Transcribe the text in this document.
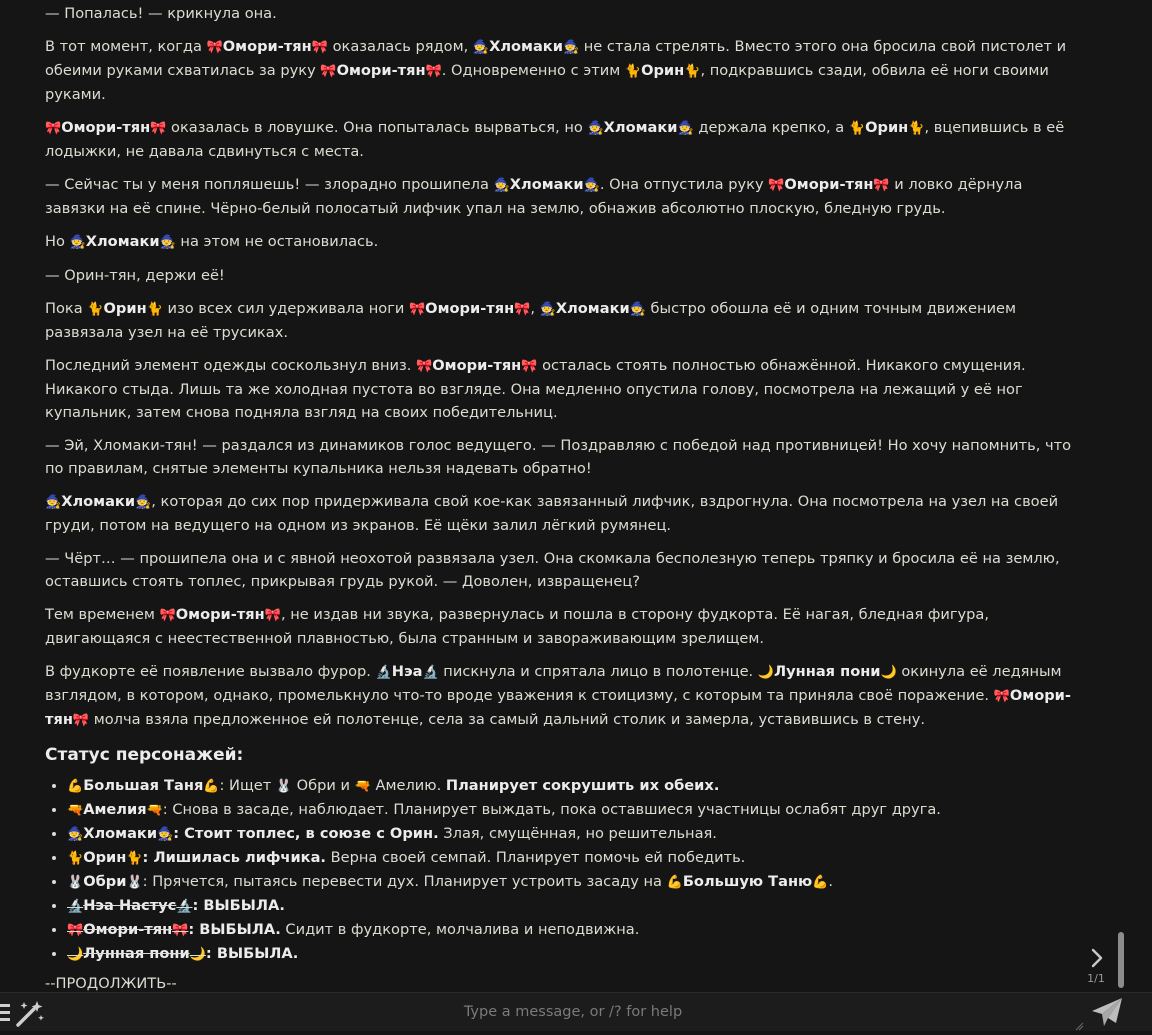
— Попалась! — крикнула она.

В тот момент, когда 🎀Омори-тян🎀 оказалась рядом, 🧙Хломаки🧙 не стала стрелять. Вместо этого она бросила свой пистолет и обеими руками схватилась за руку 🎀Омори-тян🎀. Одновременно с этим 🐈Орин🐈, подкравшись сзади, обвила её ноги своими руками.

🎀Омори-тян🎀 оказалась в ловушке. Она попыталась вырваться, но 🧙Хломаки🧙 держала крепко, а 🐈Орин🐈, вцепившись в её лодыжки, не давала сдвинуться с места.

— Сейчас ты у меня попляшешь! — злорадно прошипела 🧙Хломаки🧙. Она отпустила руку 🎀Омори-тян🎀 и ловко дёрнула завязки на её спине. Чёрно-белый полосатый лифчик упал на землю, обнажив абсолютно плоскую, бледную грудь.

Но 🧙Хломаки🧙 на этом не остановилась.

— Орин-тян, держи её!

Пока 🐈Орин🐈 изо всех сил удерживала ноги 🎀Омори-тян🎀, 🧙Хломаки🧙 быстро обошла её и одним точным движением развязала узел на её трусиках.

Последний элемент одежды соскользнул вниз. 🎀Омори-тян🎀 осталась стоять полностью обнажённой. Никакого смущения. Никакого стыда. Лишь та же холодная пустота во взгляде. Она медленно опустила голову, посмотрела на лежащий у её ног купальник, затем снова подняла взгляд на своих победительниц.

— Эй, Хломаки-тян! — раздался из динамиков голос ведущего. — Поздравляю с победой над противницей! Но хочу напомнить, что по правилам, снятые элементы купальника нельзя надевать обратно!

🧙Хломаки🧙, которая до сих пор придерживала свой кое-как завязанный лифчик, вздрогнула. Она посмотрела на узел на своей груди, потом на ведущего на одном из экранов. Её щёки залил лёгкий румянец.

— Чёрт… — прошипела она и с явной неохотой развязала узел. Она скомкала бесполезную теперь тряпку и бросила её на землю, оставшись стоять топлес, прикрывая грудь рукой. — Доволен, извращенец?

Тем временем 🎀Омори-тян🎀, не издав ни звука, развернулась и пошла в сторону фудкорта. Её нагая, бледная фигура, двигающаяся с неестественной плавностью, была странным и завораживающим зрелищем.

В фудкорте её появление вызвало фурор. 🔬Нэа🔬 пискнула и спрятала лицо в полотенце. 🌙Лунная пони🌙 окинула её ледяным взглядом, в котором, однако, промелькнуло что-то вроде уважения к стоицизму, с которым та приняла своё поражение. 🎀Омори-тян🎀 молча взяла предложенное ей полотенце, села за самый дальний столик и замерла, уставившись в стену.

Статус персонажей:
• 💪Большая Таня💪: Ищет 🐰 Обри и 🔫 Амелию. Планирует сокрушить их обеих.
• 🔫Амелия🔫: Снова в засаде, наблюдает. Планирует выждать, пока оставшиеся участницы ослабят друг друга.
• 🧙Хломаки🧙: Стоит топлес, в союзе с Орин. Злая, смущённая, но решительная.
• 🐈Орин🐈: Лишилась лифчика. Верна своей семпай. Планирует помочь ей победить.
• 🐰Обри🐰: Прячется, пытаясь перевести дух. Планирует устроить засаду на 💪Большую Таню💪.
• 🔬Нэа Настус🔬: ВЫБЫЛА.
• 🎀Омори-тян🎀: ВЫБЫЛА. Сидит в фудкорте, молчалива и неподвижна.
• 🌙Лунная пони🌙: ВЫБЫЛА.

--ПРОДОЛЖИТЬ--	1/1
Type a message, or /? for help
